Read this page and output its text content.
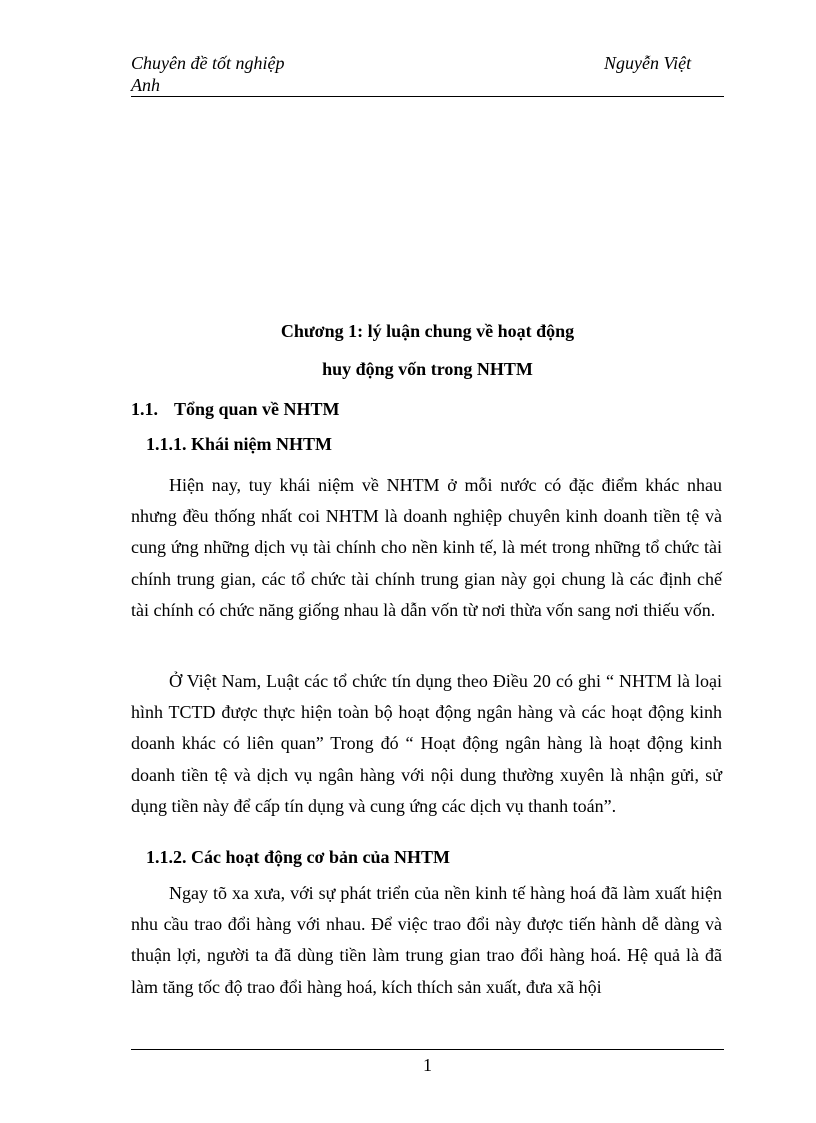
Chuyên đề tốt nghiệp
Anh
Nguyễn Việt
Chương 1: lý luận chung về hoạt động
huy động vốn trong NHTM
1.1. Tổng quan về NHTM
1.1.1. Khái niệm NHTM

Hiện nay, tuy khái niệm về NHTM ở mỗi nước có đặc điểm khác nhau nhưng đều thống nhất coi NHTM là doanh nghiệp chuyên kinh doanh tiền tệ và cung ứng những dịch vụ tài chính cho nền kinh tế, là mét trong những tổ chức tài chính trung gian, các tổ chức tài chính trung gian này gọi chung là các định chế tài chính có chức năng giống nhau là dẫn vốn từ nơi thừa vốn sang nơi thiếu vốn.

Ở Việt Nam, Luật các tổ chức tín dụng theo Điều 20 có ghi “ NHTM là loại hình TCTD được thực hiện toàn bộ hoạt động ngân hàng và các hoạt động kinh doanh khác có liên quan” Trong đó “ Hoạt động ngân hàng là hoạt động kinh doanh tiền tệ và dịch vụ ngân hàng với nội dung thường xuyên là nhận gửi, sử dụng tiền này để cấp tín dụng và cung ứng các dịch vụ thanh toán”.

1.1.2. Các hoạt động cơ bản của NHTM

Ngay tõ xa xưa, với sự phát triển của nền kinh tế hàng hoá đã làm xuất hiện nhu cầu trao đổi hàng với nhau. Để việc trao đổi này được tiến hành dễ dàng và thuận lợi, người ta đã dùng tiền làm trung gian trao đổi hàng hoá. Hệ quả là đã làm tăng tốc độ trao đổi hàng hoá, kích thích sản xuất, đưa xã hội

1
